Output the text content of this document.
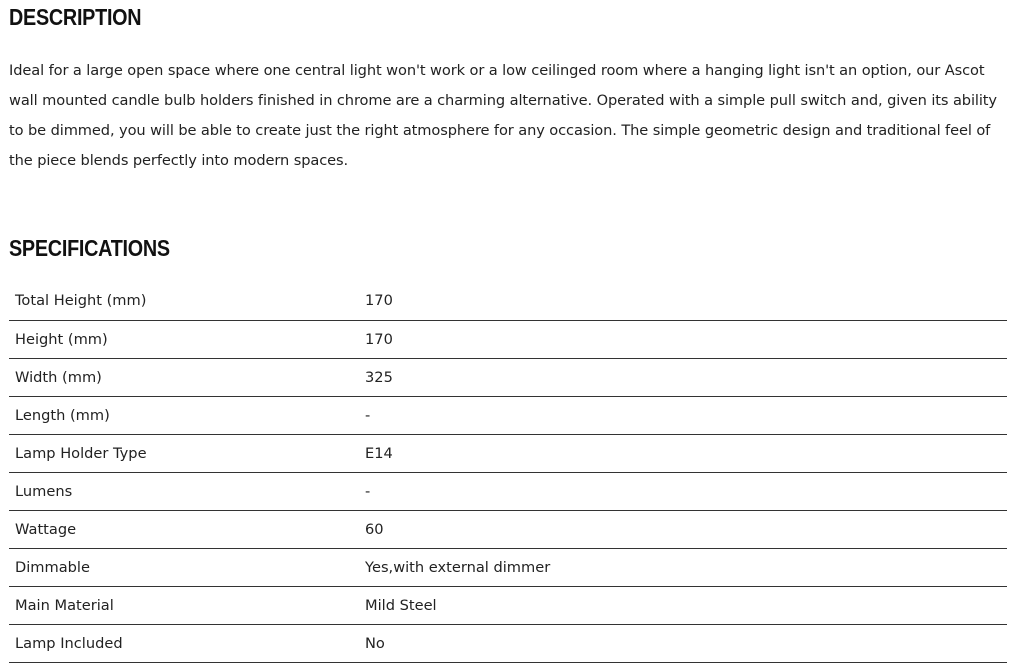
DESCRIPTION

Ideal for a large open space where one central light won't work or a low ceilinged room where a hanging light isn't an option, our Ascot wall mounted candle bulb holders finished in chrome are a charming alternative. Operated with a simple pull switch and, given its ability to be dimmed, you will be able to create just the right atmosphere for any occasion. The simple geometric design and traditional feel of the piece blends perfectly into modern spaces.

SPECIFICATIONS
Total Height (mm)	170
Height (mm)	170
Width (mm)	325
Length (mm)	-
Lamp Holder Type	E14
Lumens	-
Wattage	60
Dimmable	Yes,with external dimmer
Main Material	Mild Steel
Lamp Included	No
